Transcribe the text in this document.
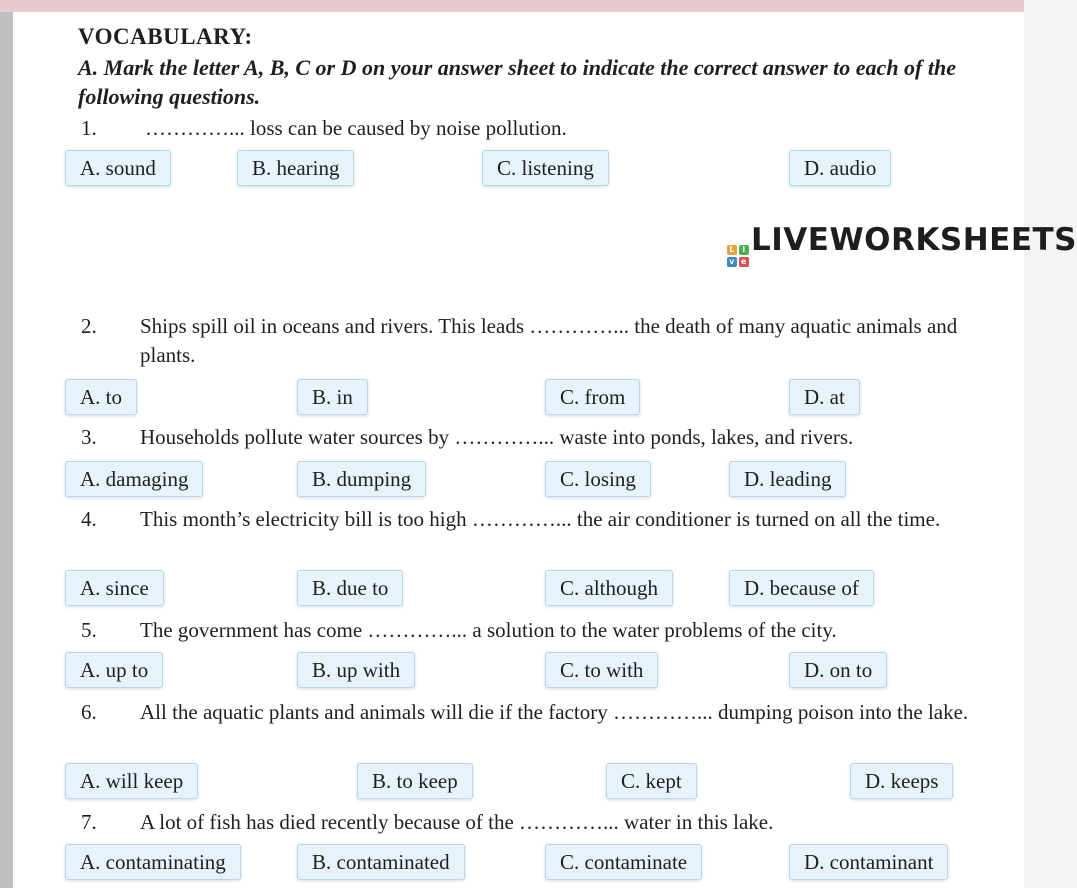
VOCABULARY:
A. Mark the letter A, B, C or D on your answer sheet to indicate the correct answer to each of the following questions.
1. …………... loss can be caused by noise pollution.
A. sound	B. hearing	C. listening	D. audio
L i
v e
LIVEWORKSHEETS
2. Ships spill oil in oceans and rivers. This leads …………... the death of many aquatic animals and plants.
A. to	B. in	C. from	D. at
3. Households pollute water sources by …………... waste into ponds, lakes, and rivers.
A. damaging	B. dumping	C. losing	D. leading
4. This month’s electricity bill is too high …………... the air conditioner is turned on all the time.
A. since	B. due to	C. although	D. because of
5. The government has come …………... a solution to the water problems of the city.
A. up to	B. up with	C. to with	D. on to
6. All the aquatic plants and animals will die if the factory …………... dumping poison into the lake.
A. will keep	B. to keep	C. kept	D. keeps
7. A lot of fish has died recently because of the …………... water in this lake.
A. contaminating	B. contaminated	C. contaminate	D. contaminant
